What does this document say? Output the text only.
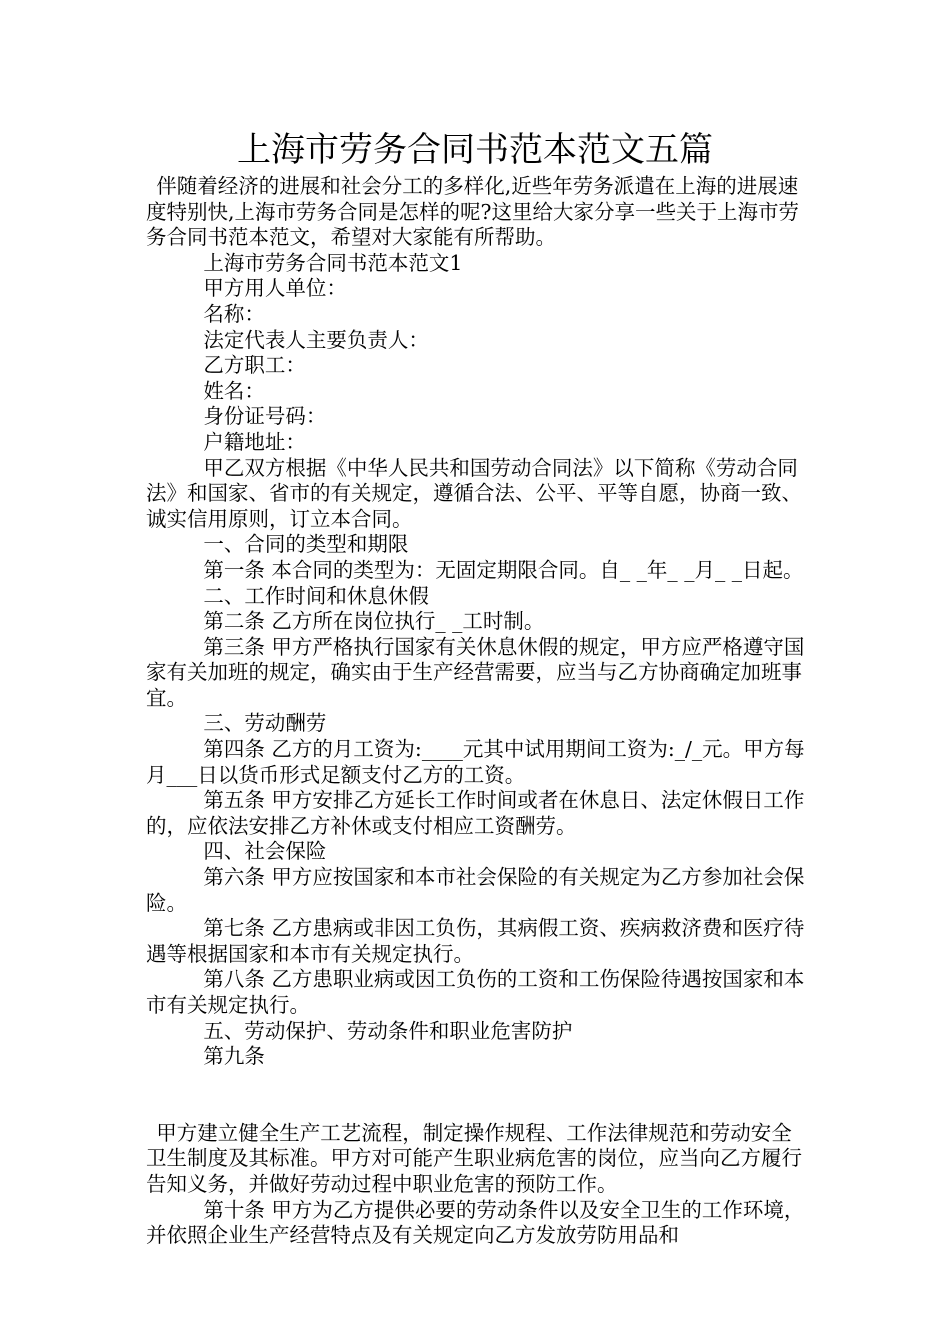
上海市劳务合同书范本范文五篇

伴随着经济的进展和社会分工的多样化,近些年劳务派遣在上海的进展速度特别快,上海市劳务合同是怎样的呢?这里给大家分享一些关于上海市劳务合同书范本范文，希望对大家能有所帮助。

上海市劳务合同书范本范文1

甲方用人单位：

名称：

法定代表人主要负责人：

乙方职工：

姓名：

身份证号码：

户籍地址：

甲乙双方根据《中华人民共和国劳动合同法》以下简称《劳动合同法》和国家、省市的有关规定，遵循合法、公平、平等自愿，协商一致、诚实信用原则，订立本合同。

一、合同的类型和期限

第一条 本合同的类型为：无固定期限合同。自_ _年_ _月_ _日起。

二、工作时间和休息休假

第二条 乙方所在岗位执行_ _工时制。

第三条 甲方严格执行国家有关休息休假的规定，甲方应严格遵守国家有关加班的规定，确实由于生产经营需要，应当与乙方协商确定加班事宜。

三、劳动酬劳

第四条 乙方的月工资为:____元其中试用期间工资为:_/_元。甲方每月___日以货币形式足额支付乙方的工资。

第五条 甲方安排乙方延长工作时间或者在休息日、法定休假日工作的，应依法安排乙方补休或支付相应工资酬劳。

四、社会保险

第六条 甲方应按国家和本市社会保险的有关规定为乙方参加社会保险。

第七条 乙方患病或非因工负伤，其病假工资、疾病救济费和医疗待遇等根据国家和本市有关规定执行。

第八条 乙方患职业病或因工负伤的工资和工伤保险待遇按国家和本市有关规定执行。

五、劳动保护、劳动条件和职业危害防护

第九条

甲方建立健全生产工艺流程，制定操作规程、工作法律规范和劳动安全卫生制度及其标准。甲方对可能产生职业病危害的岗位，应当向乙方履行告知义务，并做好劳动过程中职业危害的预防工作。

第十条 甲方为乙方提供必要的劳动条件以及安全卫生的工作环境，并依照企业生产经营特点及有关规定向乙方发放劳防用品和
